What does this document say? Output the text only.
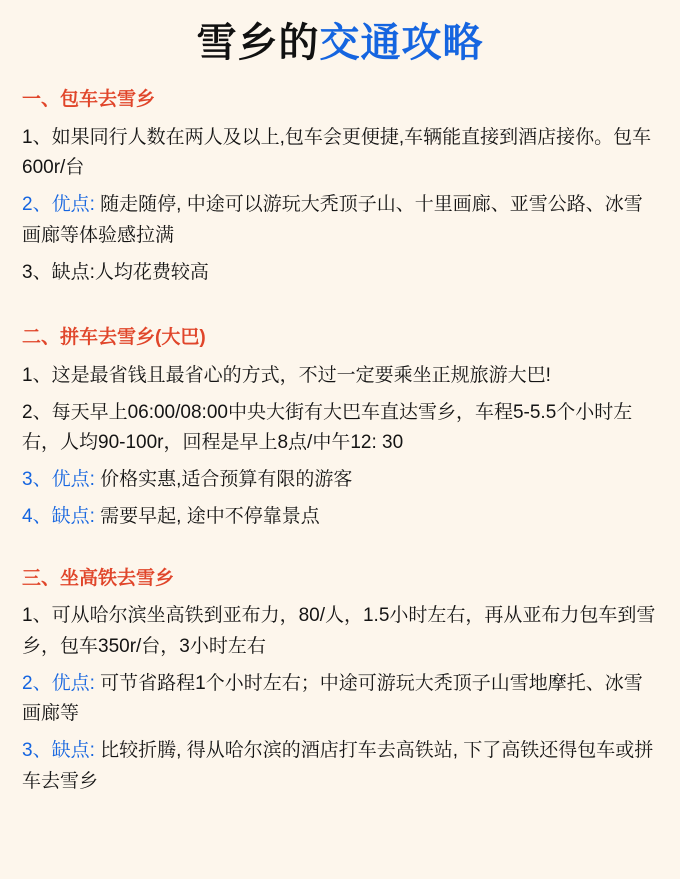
雪乡的交通攻略
一、包车去雪乡

1、如果同行人数在两人及以上,包车会更便捷,车辆能直接到酒店接你。包车600r/台

2、优点: 随走随停, 中途可以游玩大秃顶子山、十里画廊、亚雪公路、冰雪画廊等体验感拉满

3、缺点:人均花费较高

二、拼车去雪乡(大巴)

1、这是最省钱且最省心的方式，不过一定要乘坐正规旅游大巴!

2、每天早上06:00/08:00中央大街有大巴车直达雪乡，车程5-5.5个小时左右，人均90-100r，回程是早上8点/中午12: 30

3、优点: 价格实惠,适合预算有限的游客

4、缺点: 需要早起, 途中不停靠景点

三、坐高铁去雪乡

1、可从哈尔滨坐高铁到亚布力，80/人，1.5小时左右，再从亚布力包车到雪乡，包车350r/台，3小时左右

2、优点: 可节省路程1个小时左右；中途可游玩大秃顶子山雪地摩托、冰雪画廊等

3、缺点: 比较折腾, 得从哈尔滨的酒店打车去高铁站, 下了高铁还得包车或拼车去雪乡
